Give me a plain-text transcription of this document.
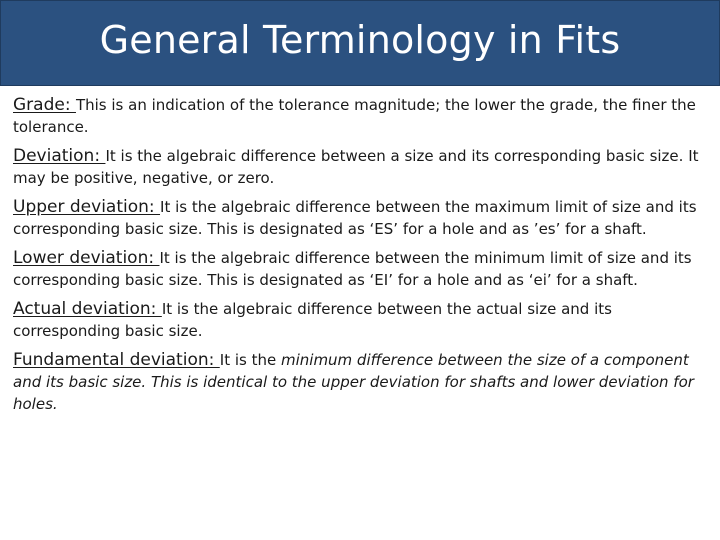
General Terminology in Fits

Grade: This is an indication of the tolerance magnitude; the lower the grade, the finer the tolerance.

Deviation: It is the algebraic difference between a size and its corresponding basic size. It may be positive, negative, or zero.

Upper deviation: It is the algebraic difference between the maximum limit of size and its corresponding basic size. This is designated as ‘ES’ for a hole and as ’es’ for a shaft.

Lower deviation: It is the algebraic difference between the minimum limit of size and its corresponding basic size. This is designated as ‘EI’ for a hole and as ‘ei’ for a shaft.

Actual deviation: It is the algebraic difference between the actual size and its corresponding basic size.

Fundamental deviation: It is the minimum difference between the size of a component and its basic size. This is identical to the upper deviation for shafts and lower deviation for holes.
